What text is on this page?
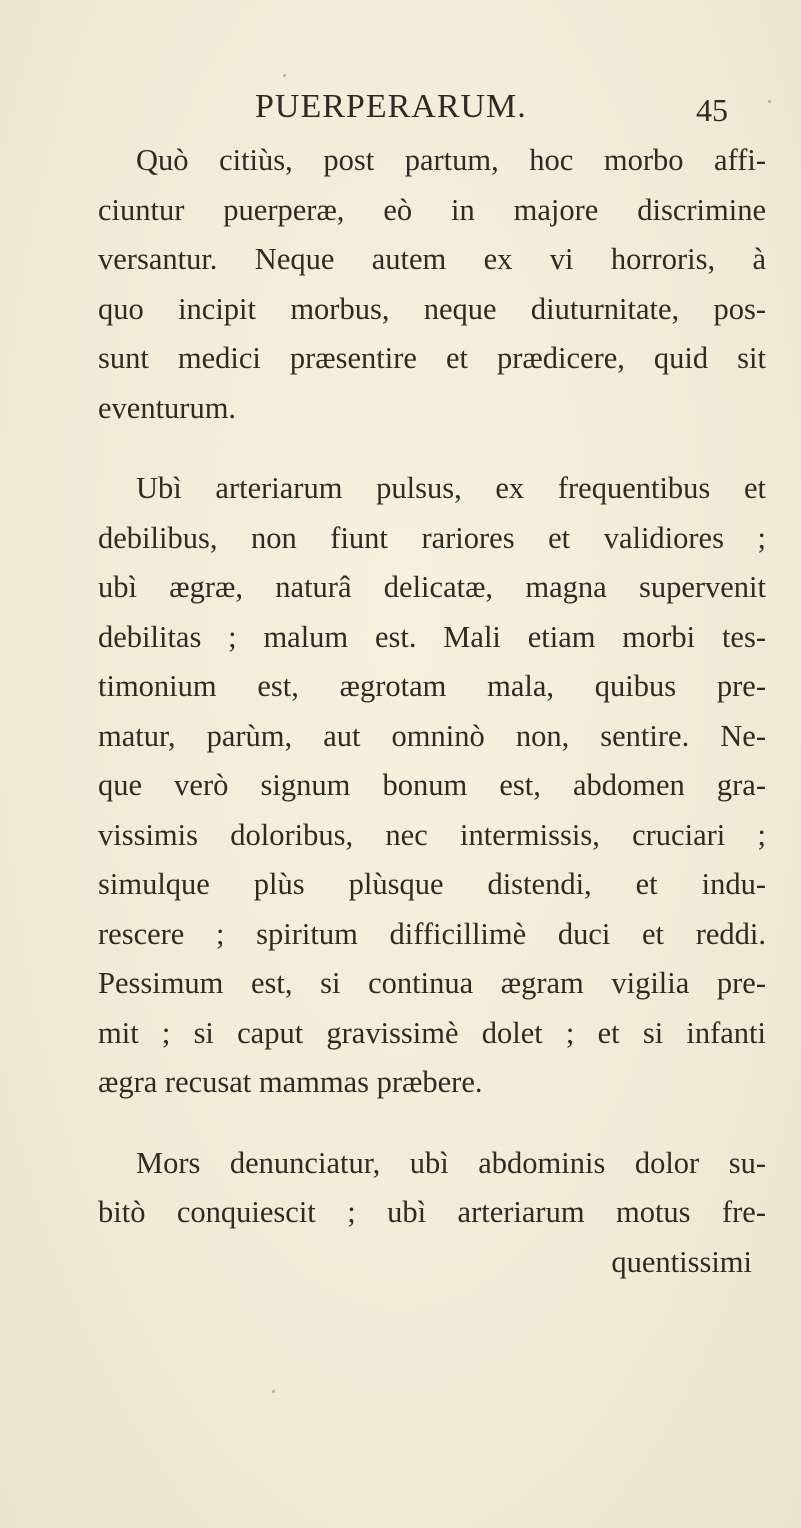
PUERPERARUM.	45
Quò citiùs, post partum, hoc morbo affi-
ciuntur puerperæ, eò in majore discrimine
versantur. Neque autem ex vi horroris, à
quo incipit morbus, neque diuturnitate, pos-
sunt medici præsentire et prædicere, quid sit
eventurum.
Ubì arteriarum pulsus, ex frequentibus et
debilibus, non fiunt rariores et validiores ;
ubì ægræ, naturâ delicatæ, magna supervenit
debilitas ; malum est. Mali etiam morbi tes-
timonium est, ægrotam mala, quibus pre-
matur, parùm, aut omninò non, sentire. Ne-
que verò signum bonum est, abdomen gra-
vissimis doloribus, nec intermissis, cruciari ;
simulque plùs plùsque distendi, et indu-
rescere ; spiritum difficillimè duci et reddi.
Pessimum est, si continua ægram vigilia pre-
mit ; si caput gravissimè dolet ; et si infanti
ægra recusat mammas præbere.
Mors denunciatur, ubì abdominis dolor su-
bitò conquiescit ; ubì arteriarum motus fre-
quentissimi
